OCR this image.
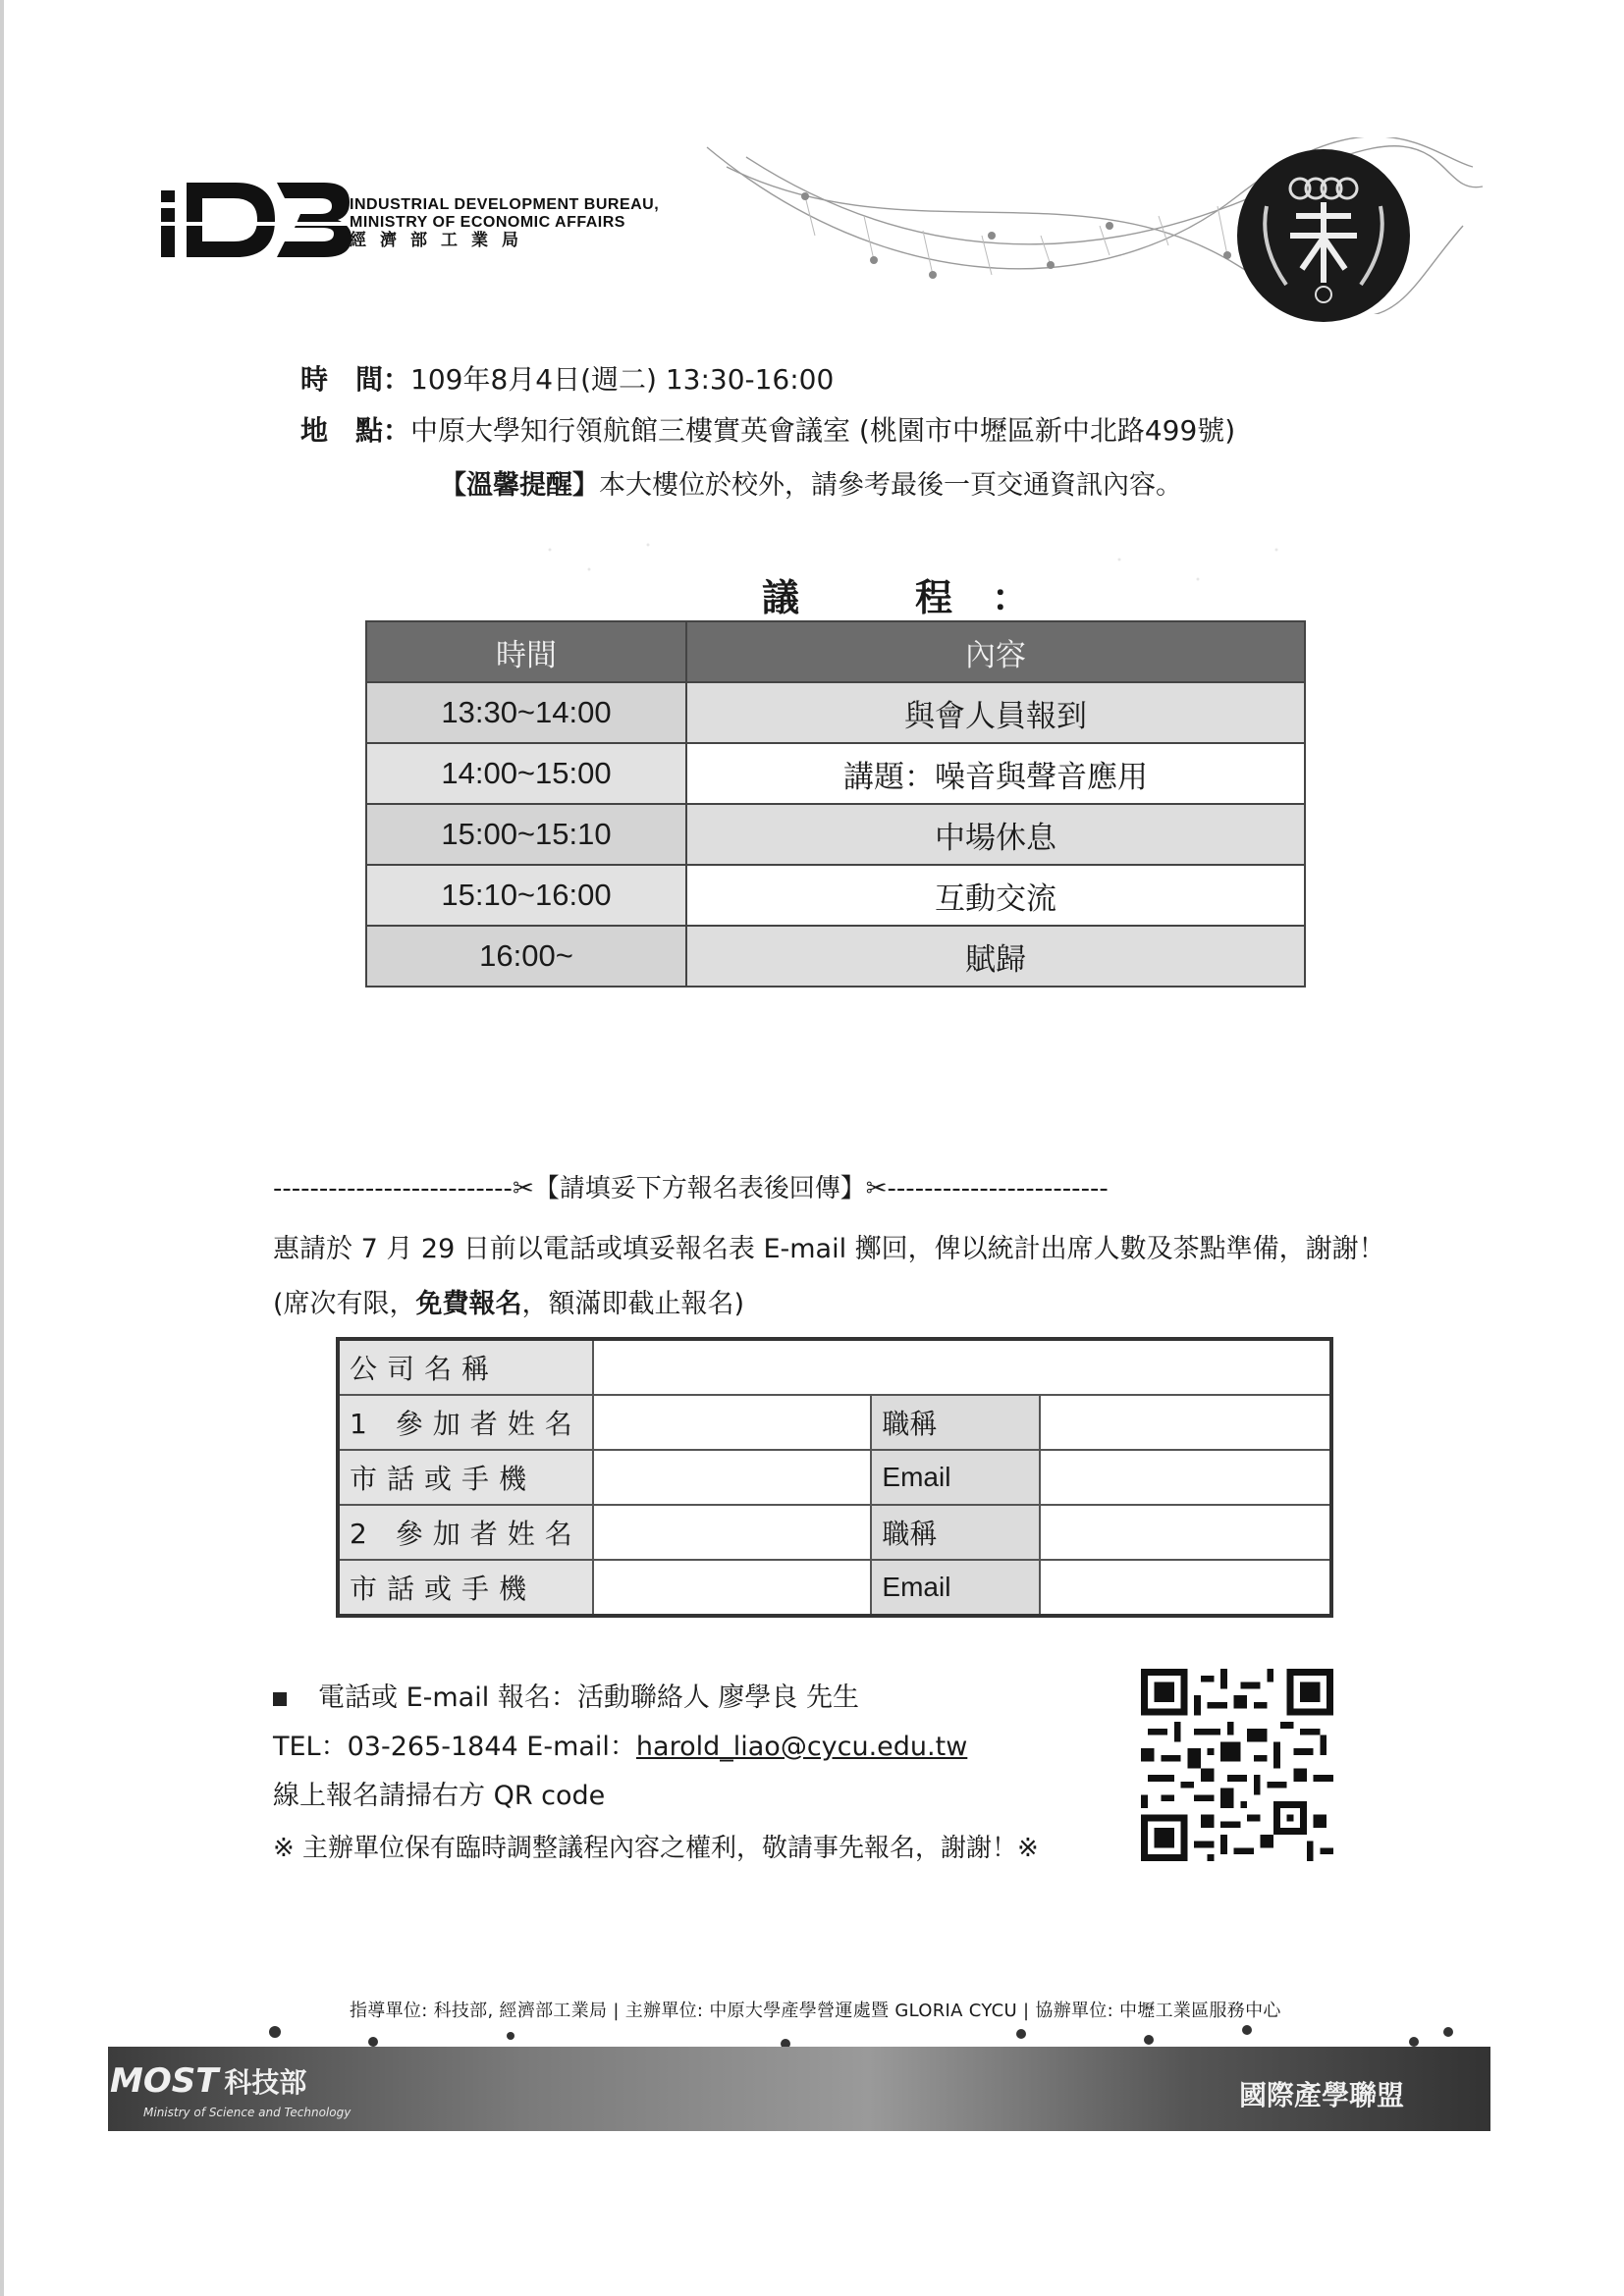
INDUSTRIAL DEVELOPMENT BUREAU,
MINISTRY OF ECONOMIC AFFAIRS
經濟部工業局
時　間：109年8月4日(週二) 13:30-16:00
地　點：中原大學知行領航館三樓實英會議室 (桃園市中壢區新中北路499號)
【溫馨提醒】本大樓位於校外，請參考最後一頁交通資訊內容。
議　程：
時間	內容
13:30~14:00	與會人員報到
14:00~15:00	講題：噪音與聲音應用
15:00~15:10	中場休息
15:10~16:00	互動交流
16:00~	賦歸
--------------------------✂【請填妥下方報名表後回傳】✂------------------------
惠請於 7 月 29 日前以電話或填妥報名表 E-mail 擲回，俾以統計出席人數及茶點準備，謝謝！(席次有限，免費報名，額滿即截止報名)
公司名稱			
1 參加者姓名		職稱	
市話或手機		Email	
2 參加者姓名		職稱	
市話或手機		Email	
電話或 E-mail 報名：活動聯絡人 廖學良 先生
TEL：03-265-1844 E-mail：harold_liao@cycu.edu.tw
線上報名請掃右方 QR code
※ 主辦單位保有臨時調整議程內容之權利，敬請事先報名，謝謝！※
指導單位: 科技部, 經濟部工業局 | 主辦單位: 中原大學產學營運處暨 GLORIA CYCU | 協辦單位: 中壢工業區服務中心
MOST 科技部
Ministry of Science and Technology
國際產學聯盟
